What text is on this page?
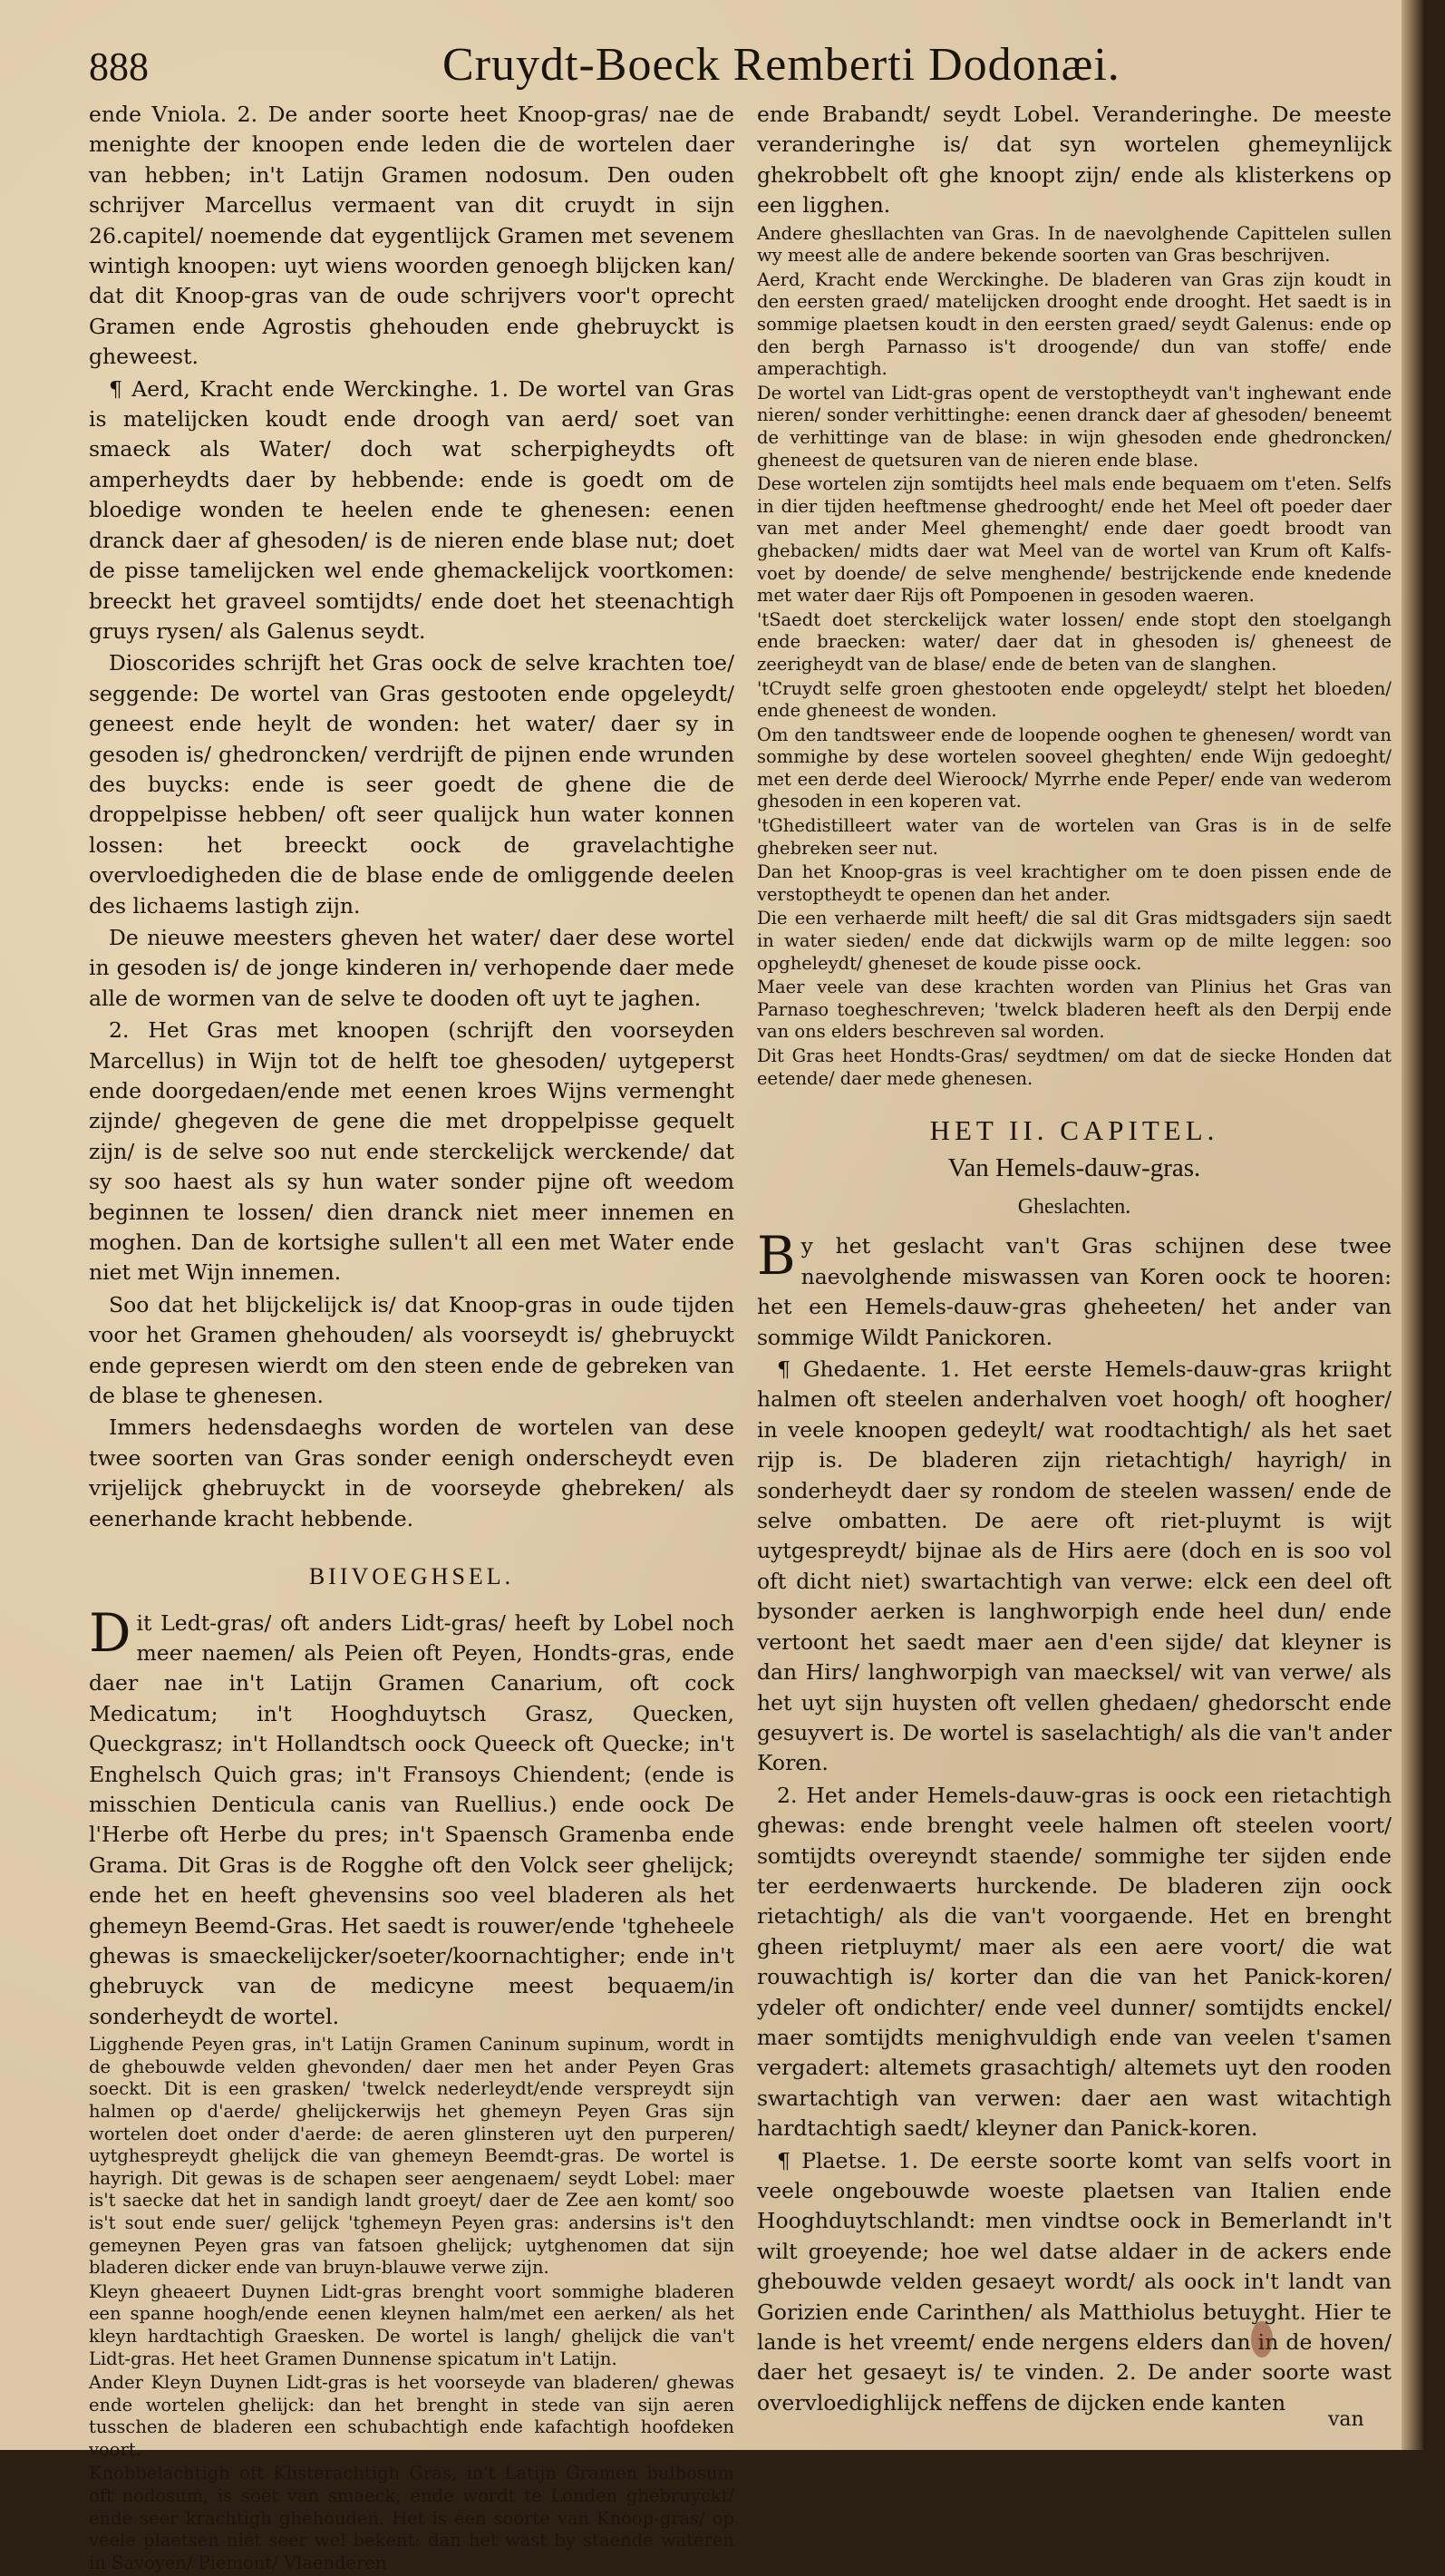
888	Cruydt-Boeck Remberti Dodonæi.

ende Vniola. 2. De ander soorte heet Knoop-gras/ nae de menighte der knoopen ende leden die de wortelen daer van hebben; in't Latijn Gramen nodosum. Den ouden schrijver Marcellus vermaent van dit cruydt in sijn 26.capitel/ noemende dat eygentlijck Gramen met sevenem wintigh knoopen: uyt wiens woorden genoegh blijcken kan/ dat dit Knoop-gras van de oude schrijvers voor't oprecht Gramen ende Agrostis ghehouden ende ghebruyckt is gheweest.

¶ Aerd, Kracht ende Werckinghe. 1. De wortel van Gras is matelijcken koudt ende droogh van aerd/ soet van smaeck als Water/ doch wat scherpigheydts oft amperheydts daer by hebbende: ende is goedt om de bloedige wonden te heelen ende te ghenesen: eenen dranck daer af ghesoden/ is de nieren ende blase nut; doet de pisse tamelijcken wel ende ghemackelijck voortkomen: breeckt het graveel somtijdts/ ende doet het steenachtigh gruys rysen/ als Galenus seydt.

Dioscorides schrijft het Gras oock de selve krachten toe/ seggende: De wortel van Gras gestooten ende opgeleydt/ geneest ende heylt de wonden: het water/ daer sy in gesoden is/ ghedroncken/ verdrijft de pijnen ende wrunden des buycks: ende is seer goedt de ghene die de droppelpisse hebben/ oft seer qualijck hun water konnen lossen: het breeckt oock de gravelachtighe overvloedigheden die de blase ende de omliggende deelen des lichaems lastigh zijn.

De nieuwe meesters gheven het water/ daer dese wortel in gesoden is/ de jonge kinderen in/ verhopende daer mede alle de wormen van de selve te dooden oft uyt te jaghen.

2. Het Gras met knoopen (schrijft den voorseyden Marcellus) in Wijn tot de helft toe ghesoden/ uytgeperst ende doorgedaen/ende met eenen kroes Wijns vermenght zijnde/ ghegeven de gene die met droppelpisse gequelt zijn/ is de selve soo nut ende sterckelijck werckende/ dat sy soo haest als sy hun water sonder pijne oft weedom beginnen te lossen/ dien dranck niet meer innemen en moghen. Dan de kortsighe sullen't all een met Water ende niet met Wijn innemen.

Soo dat het blijckelijck is/ dat Knoop-gras in oude tijden voor het Gramen ghehouden/ als voorseydt is/ ghebruyckt ende gepresen wierdt om den steen ende de gebreken van de blase te ghenesen.

Immers hedensdaeghs worden de wortelen van dese twee soorten van Gras sonder eenigh onderscheydt even vrijelijck ghebruyckt in de voorseyde ghebreken/ als eenerhande kracht hebbende.

BIIVOEGHSEL.

Dit Ledt-gras/ oft anders Lidt-gras/ heeft by Lobel noch meer naemen/ als Peien oft Peyen, Hondts-gras, ende daer nae in't Latijn Gramen Canarium, oft cock Medicatum; in't Hooghduytsch Grasz, Quecken, Queckgrasz; in't Hollandtsch oock Queeck oft Quecke; in't Enghelsch Quich gras; in't Fransoys Chiendent; (ende is misschien Denticula canis van Ruellius.) ende oock De l'Herbe oft Herbe du pres; in't Spaensch Gramenba ende Grama. Dit Gras is de Rogghe oft den Volck seer ghelijck; ende het en heeft ghevensins soo veel bladeren als het ghemeyn Beemd-Gras. Het saedt is rouwer/ende 'tgheheele ghewas is smaeckelijcker/soeter/koornachtigher; ende in't ghebruyck van de medicyne meest bequaem/in sonderheydt de wortel.

Ligghende Peyen gras, in't Latijn Gramen Caninum supinum, wordt in de ghebouwde velden ghevonden/ daer men het ander Peyen Gras soeckt. Dit is een grasken/ 'twelck nederleydt/ende verspreydt sijn halmen op d'aerde/ ghelijckerwijs het ghemeyn Peyen Gras sijn wortelen doet onder d'aerde: de aeren glinsteren uyt den purperen/ uytghespreydt ghelijck die van ghemeyn Beemdt-gras. De wortel is hayrigh. Dit gewas is de schapen seer aengenaem/ seydt Lobel: maer is't saecke dat het in sandigh landt groeyt/ daer de Zee aen komt/ soo is't sout ende suer/ gelijck 'tghemeyn Peyen gras: andersins is't den gemeynen Peyen gras van fatsoen ghelijck; uytghenomen dat sijn bladeren dicker ende van bruyn-blauwe verwe zijn.

Kleyn gheaeert Duynen Lidt-gras brenght voort sommighe bladeren een spanne hoogh/ende eenen kleynen halm/met een aerken/ als het kleyn hardtachtigh Graesken. De wortel is langh/ ghelijck die van't Lidt-gras. Het heet Gramen Dunnense spicatum in't Latijn.

Ander Kleyn Duynen Lidt-gras is het voorseyde van bladeren/ ghewas ende wortelen ghelijck: dan het brenght in stede van sijn aeren tusschen de bladeren een schubachtigh ende kafachtigh hoofdeken voort.

Knobbelachtigh oft Klisterachtigh Gras, in't Latijn Gramen bulbosum oft nodosum, is soet van smaeck; ende wordt te Londen ghebruyckt/ ende seer krachtigh ghehouden. Het is een soorte van Knoop-gras/ op veele plaetsen niet seer wel bekent: dan het wast by staende wateren in Savoyen/ Piemont/ Vlaenderen

ende Brabandt/ seydt Lobel. Veranderinghe. De meeste veranderinghe is/ dat syn wortelen ghemeynlijck ghekrobbelt oft ghe knoopt zijn/ ende als klisterkens op een ligghen.

Andere ghesllachten van Gras. In de naevolghende Capittelen sullen wy meest alle de andere bekende soorten van Gras beschrijven.

Aerd, Kracht ende Werckinghe. De bladeren van Gras zijn koudt in den eersten graed/ matelijcken drooght ende drooght. Het saedt is in sommige plaetsen koudt in den eersten graed/ seydt Galenus: ende op den bergh Parnasso is't droogende/ dun van stoffe/ ende amperachtigh.

De wortel van Lidt-gras opent de verstoptheydt van't inghewant ende nieren/ sonder verhittinghe: eenen dranck daer af ghesoden/ beneemt de verhittinge van de blase: in wijn ghesoden ende ghedroncken/ gheneest de quetsuren van de nieren ende blase.

Dese wortelen zijn somtijdts heel mals ende bequaem om t'eten. Selfs in dier tijden heeftmense ghedrooght/ ende het Meel oft poeder daer van met ander Meel ghemenght/ ende daer goedt broodt van ghebacken/ midts daer wat Meel van de wortel van Krum oft Kalfs-voet by doende/ de selve menghende/ bestrijckende ende knedende met water daer Rijs oft Pompoenen in gesoden waeren.

'tSaedt doet sterckelijck water lossen/ ende stopt den stoelgangh ende braecken: water/ daer dat in ghesoden is/ gheneest de zeerigheydt van de blase/ ende de beten van de slanghen.

'tCruydt selfe groen ghestooten ende opgeleydt/ stelpt het bloeden/ ende gheneest de wonden.

Om den tandtsweer ende de loopende ooghen te ghenesen/ wordt van sommighe by dese wortelen sooveel gheghten/ ende Wijn gedoeght/ met een derde deel Wieroock/ Myrrhe ende Peper/ ende van wederom ghesoden in een koperen vat.

'tGhedistilleert water van de wortelen van Gras is in de selfe ghebreken seer nut.

Dan het Knoop-gras is veel krachtigher om te doen pissen ende de verstoptheydt te openen dan het ander.

Die een verhaerde milt heeft/ die sal dit Gras midtsgaders sijn saedt in water sieden/ ende dat dickwijls warm op de milte leggen: soo opgheleydt/ gheneset de koude pisse oock.

Maer veele van dese krachten worden van Plinius het Gras van Parnaso toegheschreven; 'twelck bladeren heeft als den Derpij ende van ons elders beschreven sal worden.

Dit Gras heet Hondts-Gras/ seydtmen/ om dat de siecke Honden dat eetende/ daer mede ghenesen.

HET II. CAPITEL.

Van Hemels-dauw-gras.

Gheslachten.

By het geslacht van't Gras schijnen dese twee naevolghende miswassen van Koren oock te hooren: het een Hemels-dauw-gras gheheeten/ het ander van sommige Wildt Panickoren.

¶ Ghedaente. 1. Het eerste Hemels-dauw-gras kriight halmen oft steelen anderhalven voet hoogh/ oft hoogher/ in veele knoopen gedeylt/ wat roodtachtigh/ als het saet rijp is. De bladeren zijn rietachtigh/ hayrigh/ in sonderheydt daer sy rondom de steelen wassen/ ende de selve ombatten. De aere oft riet-pluymt is wijt uytgespreydt/ bijnae als de Hirs aere (doch en is soo vol oft dicht niet) swartachtigh van verwe: elck een deel oft bysonder aerken is langhworpigh ende heel dun/ ende vertoont het saedt maer aen d'een sijde/ dat kleyner is dan Hirs/ langhworpigh van maecksel/ wit van verwe/ als het uyt sijn huysten oft vellen ghedaen/ ghedorscht ende gesuyvert is. De wortel is saselachtigh/ als die van't ander Koren.

2. Het ander Hemels-dauw-gras is oock een rietachtigh ghewas: ende brenght veele halmen oft steelen voort/ somtijdts overeyndt staende/ sommighe ter sijden ende ter eerdenwaerts hurckende. De bladeren zijn oock rietachtigh/ als die van't voorgaende. Het en brenght gheen rietpluymt/ maer als een aere voort/ die wat rouwachtigh is/ korter dan die van het Panick-koren/ ydeler oft ondichter/ ende veel dunner/ somtijdts enckel/ maer somtijdts menighvuldigh ende van veelen t'samen vergadert: altemets grasachtigh/ altemets uyt den rooden swartachtigh van verwen: daer aen wast witachtigh hardtachtigh saedt/ kleyner dan Panick-koren.

¶ Plaetse. 1. De eerste soorte komt van selfs voort in veele ongebouwde woeste plaetsen van Italien ende Hooghduytschlandt: men vindtse oock in Bemerlandt in't wilt groeyende; hoe wel datse aldaer in de ackers ende ghebouwde velden gesaeyt wordt/ als oock in't landt van Gorizien ende Carinthen/ als Matthiolus betuyght. Hier te lande is het vreemt/ ende nergens elders dan in de hoven/ daer het gesaeyt is/ te vinden. 2. De ander soorte wast overvloedighlijck neffens de dijcken ende kanten

van
